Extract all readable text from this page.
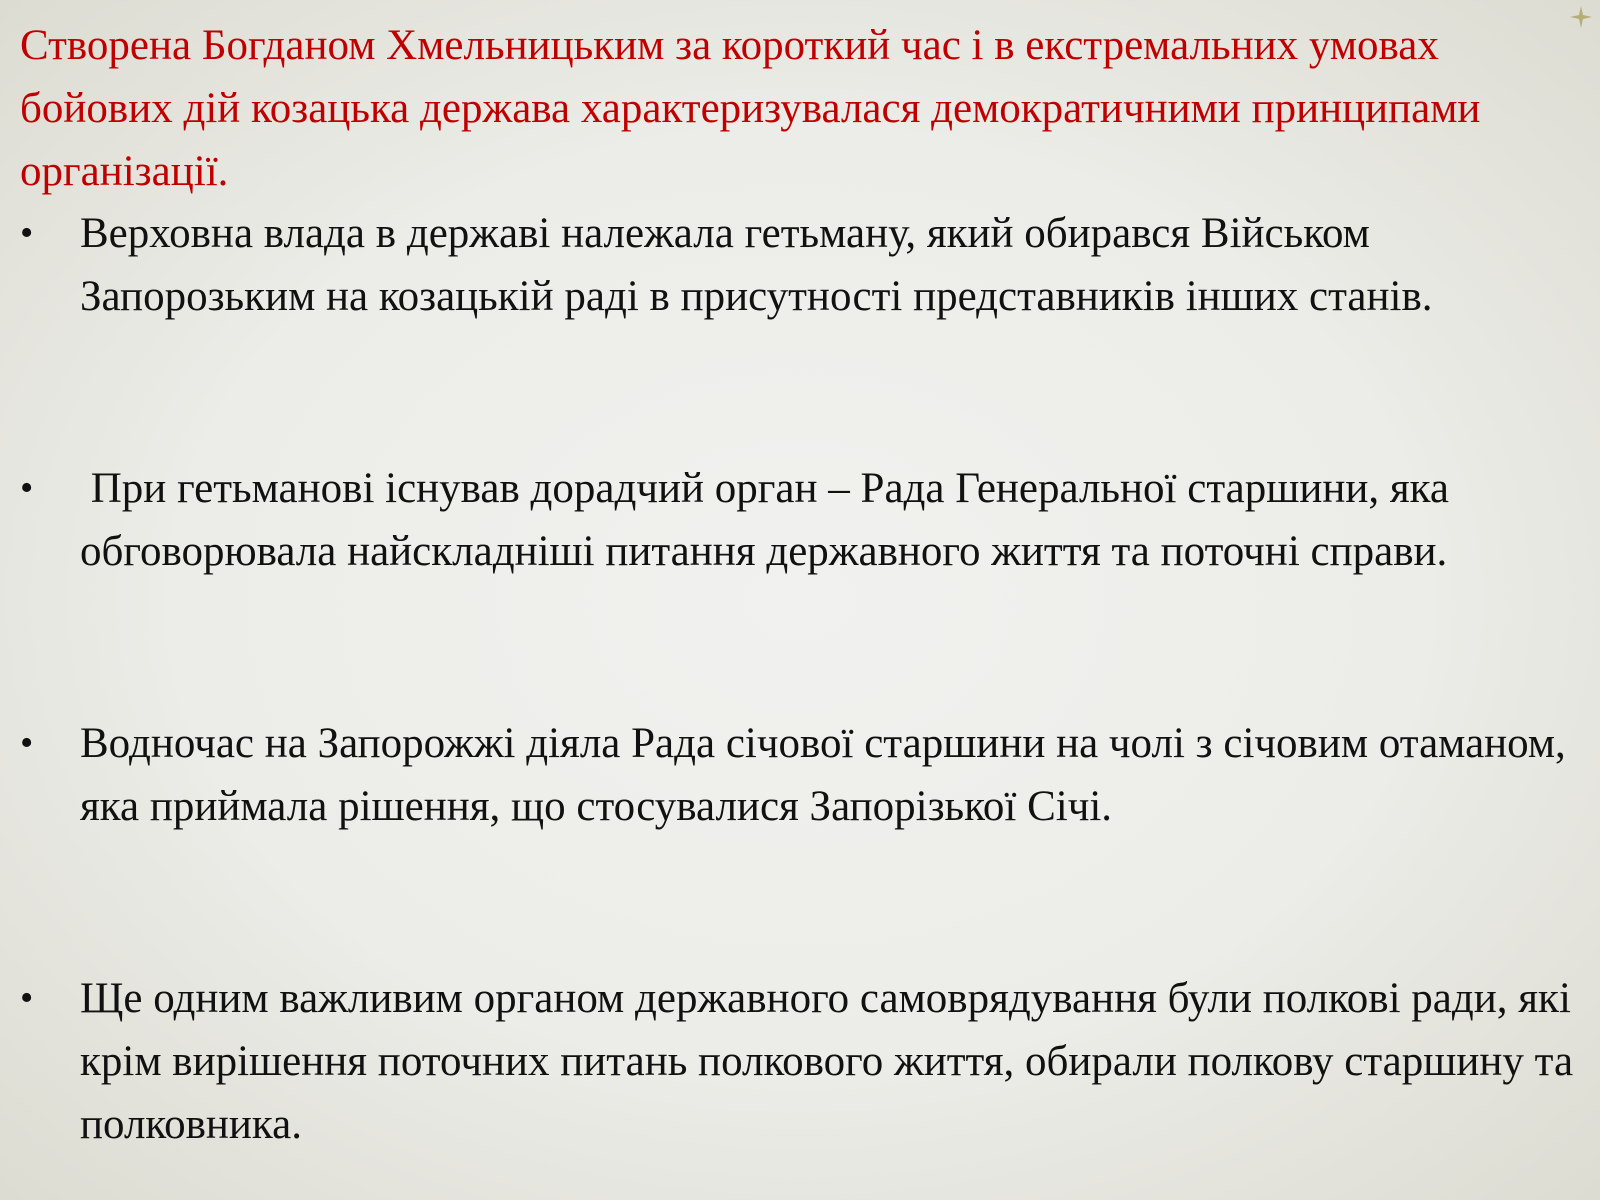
Створена Богданом Хмельницьким за короткий час і в екстремальних умовах бойових дій козацька держава характеризувалася демократичними принципами організації.

•	Верховна влада в державі належала гетьману, який обирався Військом Запорозьким на козацькій раді в присутності представників інших станів.
•	При гетьманові існував дорадчий орган – Рада Генеральної старшини, яка обговорювала найскладніші питання державного життя та поточні справи.
•	Водночас на Запорожжі діяла Рада січової старшини на чолі з січовим отаманом, яка приймала рішення, що стосувалися Запорізької Січі.
•	Ще одним важливим органом державного самоврядування були полкові ради, які крім вирішення поточних питань полкового життя, обирали полкову старшину та полковника.
